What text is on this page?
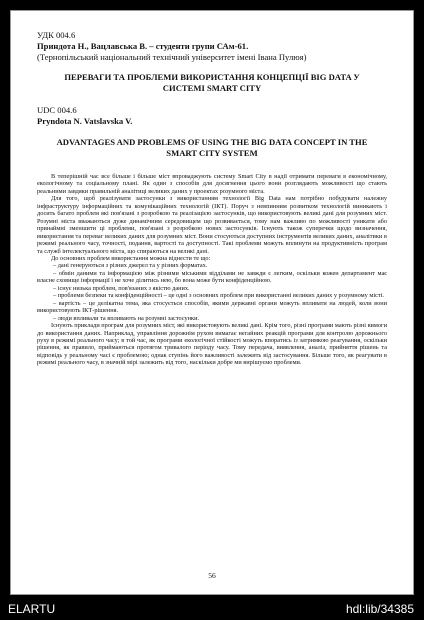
УДК 004.6
Приндота Н., Вацлавська В. – студенти групи САм-61.
(Тернопільський національний технічний університет імені Івана Пулюя)
ПЕРЕВАГИ ТА ПРОБЛЕМИ ВИКОРИСТАННЯ КОНЦЕПЦІЇ BIG DATA У СИСТЕМІ SMART CITY
UDC 004.6
Pryndota N. Vatslavska V.
ADVANTAGES AND PROBLEMS OF USING THE BIG DATA CONCEPT IN THE SMART CITY SYSTEM

В теперішній час все більше і більше міст впроваджують систему Smart City в надії отримати переваги в економічному, екологічному та соціальному плані. Як один з способів для досягнення цього вони розглядають можливості що стають реальними завдяки правильній аналітиці великих даних у проектах розумного міста.

Для того, щоб реалізувати застосунки з використанням технології Big Data нам потрібно побудувати належну інфраструктуру інформаційних та комунікаційних технологій (ІКТ). Поруч з невпинним розвитком технологій виникають і досить багато проблем які пов'язані з розробкою та реалізацією застосунків, що використовують великі дані для розумних міст. Розумні міста вважаються дуже динамічним середовищем що розвивається, тому нам важливо по можливості уникати або принаймні зменшити ці проблеми, пов'язані з розробкою нових застосунків. Існують також суперечки щодо визначення, використання та переваг великих даних для розумних міст. Вони стосуються доступних інструментів великих даних, аналітики в режимі реального часу, точності, подання, вартості та доступності. Такі проблеми можуть вплинути на продуктивність програм та служб інтелектуального міста, що спираються на великі дані.

До основних проблем використання можна віднести те що:

– дані генеруються з різних джерел та у різних форматах.

– обмін даними та інформацією між різними міськими відділами не завжди є легким, оскільки кожен департамент має власне сховище інформації і не хоче ділитись нею, бо вона може бути конфіденційною.

– існує низька проблем, пов'язаних з якістю даних.

– проблеми безпеки та конфіденційності – це одні з основних проблем при використанні великих даних у розумному місті.

– вартість – це делікатна тема, яка стосується способів, якими державні органи можуть впливати на людей, коли вони використовують ІКТ-рішення.

– люди впливали та впливають на розумні застосунки.

Існують приклади програм для розумних міст, які використовують великі дані. Крім того, різні програми мають різні вимоги до використання даних. Наприклад, управління дорожнім рухом вимагає негайних реакцій програми для контролю дорожнього руху в режимі реального часу; в той час, як програми екологічної стійкості можуть впоратись із затримкою реагування, оскільки рішення, як правило, приймаються протягом тривалого періоду часу. Тому передача, виявлення, аналіз, прийняття рішень та відповідь у реальному часі є проблемою; однак ступінь його важливості залежить від застосування. Більше того, як реагувати в режимі реального часу, в значній мірі залежить від того, наскільки добре ми вирішуємо проблеми.

56
ELARTU	hdl:lib/34385
